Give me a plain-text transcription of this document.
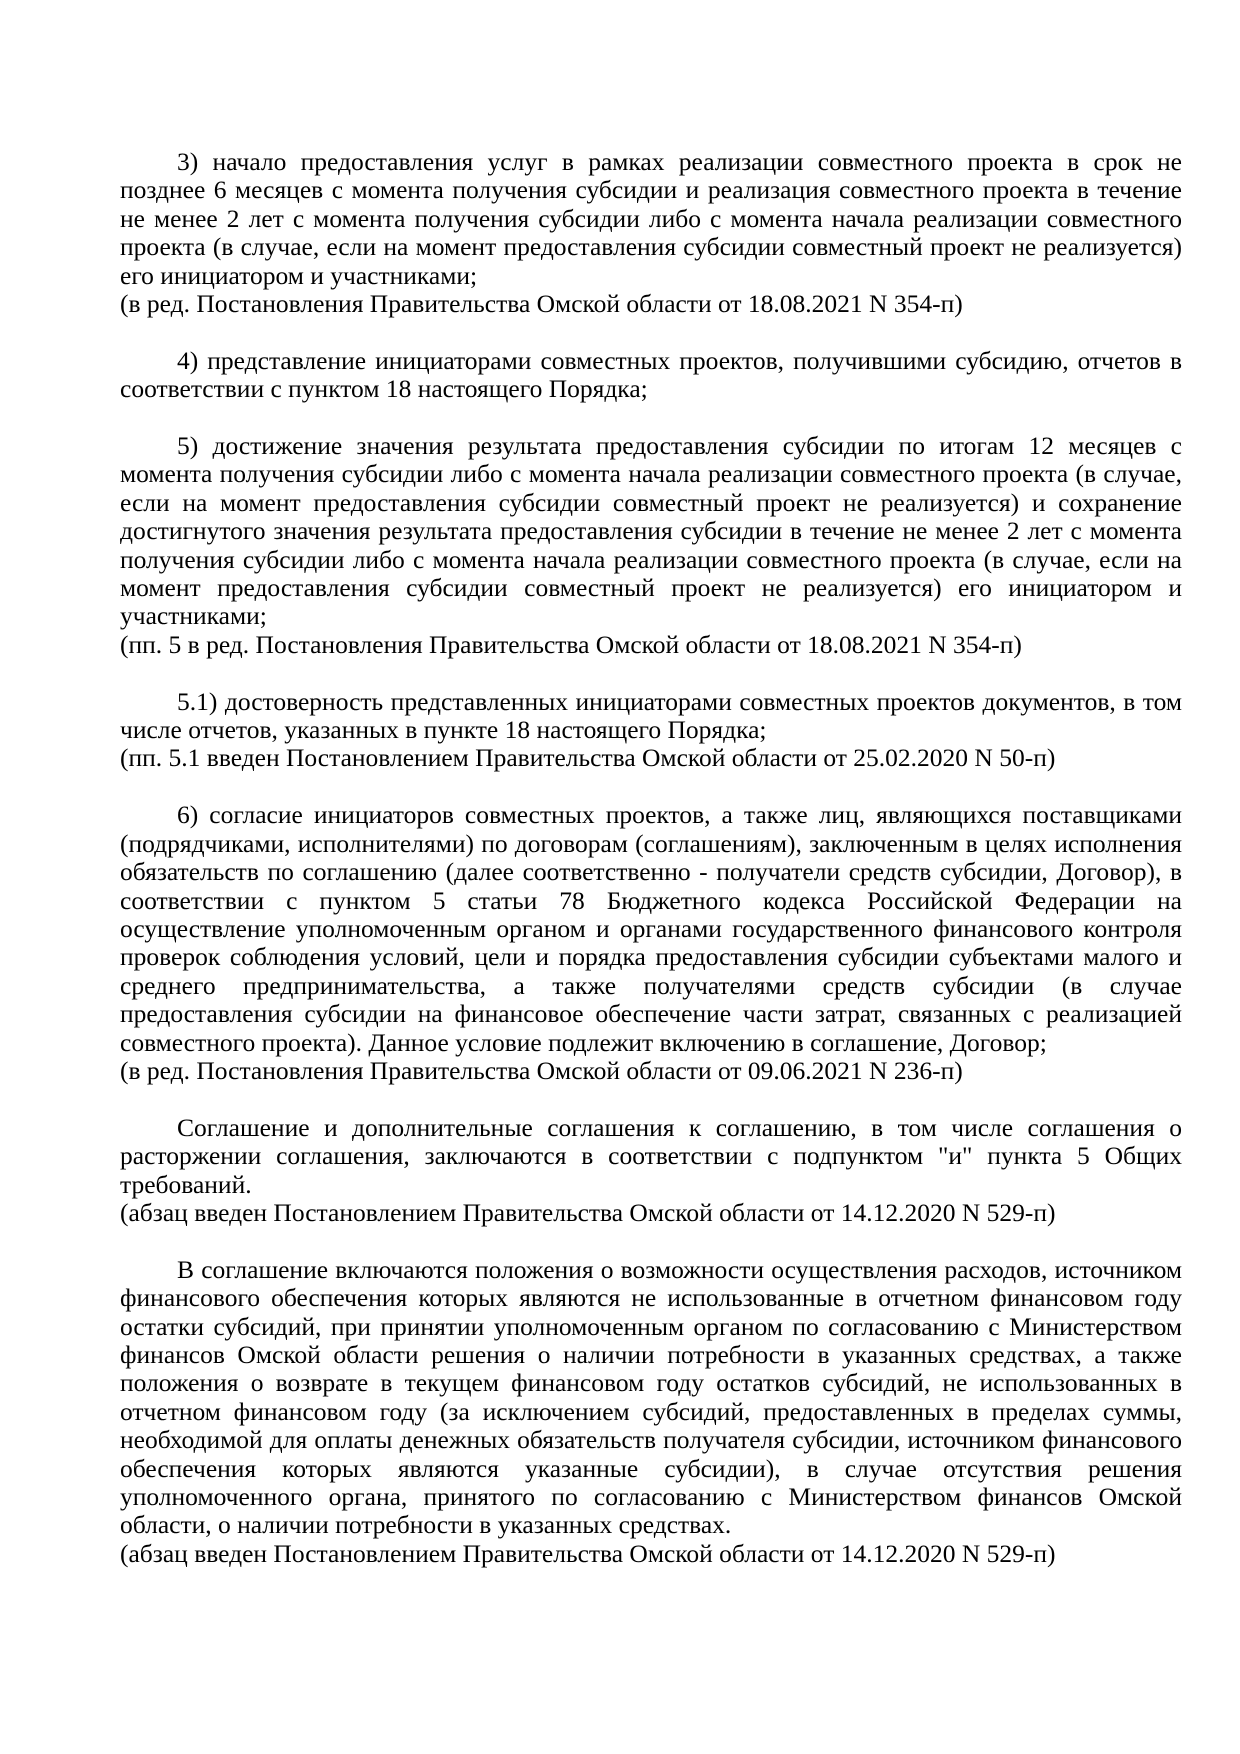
3) начало предоставления услуг в рамках реализации совместного проекта в срок не позднее 6 месяцев с момента получения субсидии и реализация совместного проекта в течение не менее 2 лет с момента получения субсидии либо с момента начала реализации совместного проекта (в случае, если на момент предоставления субсидии совместный проект не реализуется) его инициатором и участниками;

(в ред. Постановления Правительства Омской области от 18.08.2021 N 354-п)

4) представление инициаторами совместных проектов, получившими субсидию, отчетов в соответствии с пунктом 18 настоящего Порядка;

5) достижение значения результата предоставления субсидии по итогам 12 месяцев с момента получения субсидии либо с момента начала реализации совместного проекта (в случае, если на момент предоставления субсидии совместный проект не реализуется) и сохранение достигнутого значения результата предоставления субсидии в течение не менее 2 лет с момента получения субсидии либо с момента начала реализации совместного проекта (в случае, если на момент предоставления субсидии совместный проект не реализуется) его инициатором и участниками;

(пп. 5 в ред. Постановления Правительства Омской области от 18.08.2021 N 354-п)

5.1) достоверность представленных инициаторами совместных проектов документов, в том числе отчетов, указанных в пункте 18 настоящего Порядка;

(пп. 5.1 введен Постановлением Правительства Омской области от 25.02.2020 N 50-п)

6) согласие инициаторов совместных проектов, а также лиц, являющихся поставщиками (подрядчиками, исполнителями) по договорам (соглашениям), заключенным в целях исполнения обязательств по соглашению (далее соответственно - получатели средств субсидии, Договор), в соответствии с пунктом 5 статьи 78 Бюджетного кодекса Российской Федерации на осуществление уполномоченным органом и органами государственного финансового контроля проверок соблюдения условий, цели и порядка предоставления субсидии субъектами малого и среднего предпринимательства, а также получателями средств субсидии (в случае предоставления субсидии на финансовое обеспечение части затрат, связанных с реализацией совместного проекта). Данное условие подлежит включению в соглашение, Договор;

(в ред. Постановления Правительства Омской области от 09.06.2021 N 236-п)

Соглашение и дополнительные соглашения к соглашению, в том числе соглашения о расторжении соглашения, заключаются в соответствии с подпунктом "и" пункта 5 Общих требований.

(абзац введен Постановлением Правительства Омской области от 14.12.2020 N 529-п)

В соглашение включаются положения о возможности осуществления расходов, источником финансового обеспечения которых являются не использованные в отчетном финансовом году остатки субсидий, при принятии уполномоченным органом по согласованию с Министерством финансов Омской области решения о наличии потребности в указанных средствах, а также положения о возврате в текущем финансовом году остатков субсидий, не использованных в отчетном финансовом году (за исключением субсидий, предоставленных в пределах суммы, необходимой для оплаты денежных обязательств получателя субсидии, источником финансового обеспечения которых являются указанные субсидии), в случае отсутствия решения уполномоченного органа, принятого по согласованию с Министерством финансов Омской области, о наличии потребности в указанных средствах.

(абзац введен Постановлением Правительства Омской области от 14.12.2020 N 529-п)
